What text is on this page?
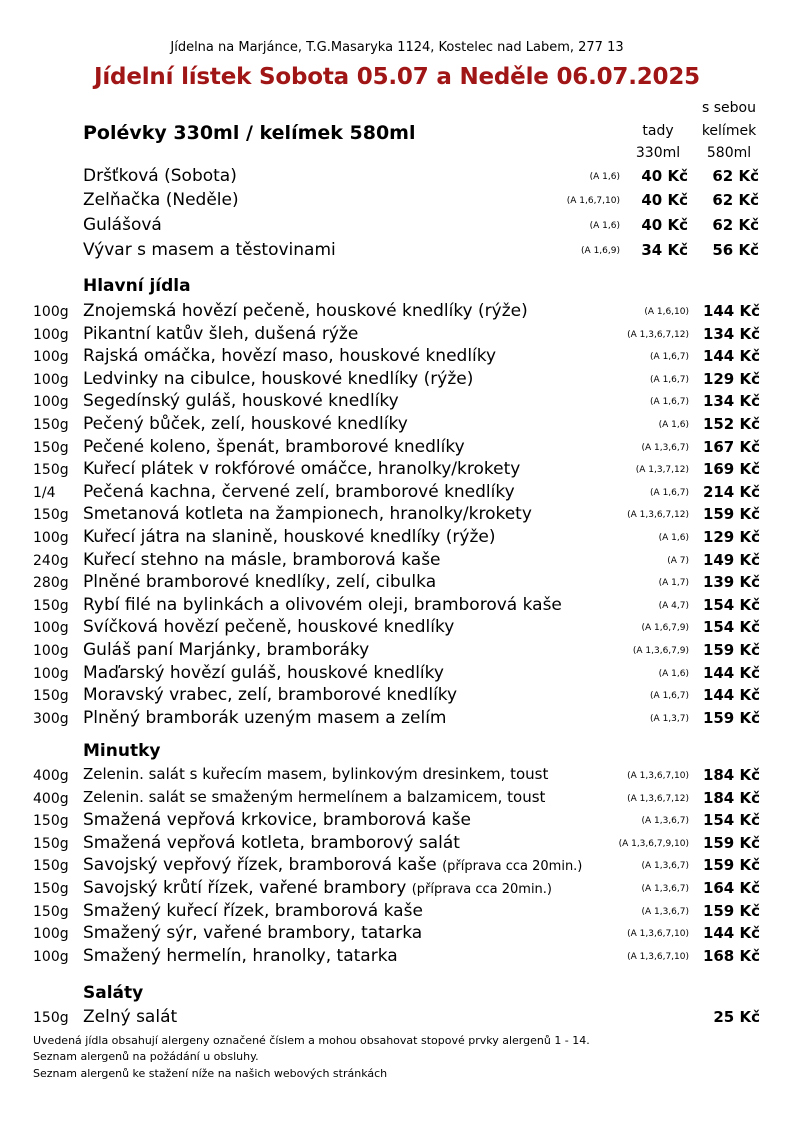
Jídelna na Marjánce, T.G.Masaryka 1124, Kostelec nad Labem, 277 13
Jídelní lístek Sobota 05.07 a Neděle 06.07.2025
s sebou
tady	kelímek
330ml	580ml
Polévky 330ml / kelímek 580ml
Dršťková (Sobota)	(A 1,6) 40 Kč 62 Kč
Zelňačka (Neděle)	(A 1,6,7,10) 40 Kč 62 Kč
Gulášová	(A 1,6) 40 Kč 62 Kč
Vývar s masem a těstovinami	(A 1,6,9) 34 Kč 56 Kč
Hlavní jídla
100g Znojemská hovězí pečeně, houskové knedlíky (rýže)	(A 1,6,10) 144 Kč
100g Pikantní katův šleh, dušená rýže	(A 1,3,6,7,12) 134 Kč
100g Rajská omáčka, hovězí maso, houskové knedlíky	(A 1,6,7) 144 Kč
100g Ledvinky na cibulce, houskové knedlíky (rýže)	(A 1,6,7) 129 Kč
100g Segedínský guláš, houskové knedlíky	(A 1,6,7) 134 Kč
150g Pečený bůček, zelí, houskové knedlíky	(A 1,6) 152 Kč
150g Pečené koleno, špenát, bramborové knedlíky	(A 1,3,6,7) 167 Kč
150g Kuřecí plátek v rokfórové omáčce, hranolky/krokety	(A 1,3,7,12) 169 Kč
1/4 Pečená kachna, červené zelí, bramborové knedlíky	(A 1,6,7) 214 Kč
150g Smetanová kotleta na žampionech, hranolky/krokety	(A 1,3,6,7,12) 159 Kč
100g Kuřecí játra na slanině, houskové knedlíky (rýže)	(A 1,6) 129 Kč
240g Kuřecí stehno na másle, bramborová kaše	(A 7) 149 Kč
280g Plněné bramborové knedlíky, zelí, cibulka	(A 1,7) 139 Kč
150g Rybí filé na bylinkách a olivovém oleji, bramborová kaše	(A 4,7) 154 Kč
100g Svíčková hovězí pečeně, houskové knedlíky	(A 1,6,7,9) 154 Kč
100g Guláš paní Marjánky, bramboráky	(A 1,3,6,7,9) 159 Kč
100g Maďarský hovězí guláš, houskové knedlíky	(A 1,6) 144 Kč
150g Moravský vrabec, zelí, bramborové knedlíky	(A 1,6,7) 144 Kč
300g Plněný bramborák uzeným masem a zelím	(A 1,3,7) 159 Kč
Minutky
400g Zelenin. salát s kuřecím masem, bylinkovým dresinkem, toust	(A 1,3,6,7,10) 184 Kč
400g Zelenin. salát se smaženým hermelínem a balzamicem, toust	(A 1,3,6,7,12) 184 Kč
150g Smažená vepřová krkovice, bramborová kaše	(A 1,3,6,7) 154 Kč
150g Smažená vepřová kotleta, bramborový salát	(A 1,3,6,7,9,10) 159 Kč
150g Savojský vepřový řízek, bramborová kaše (příprava cca 20min.)	(A 1,3,6,7) 159 Kč
150g Savojský krůtí řízek, vařené brambory (příprava cca 20min.)	(A 1,3,6,7) 164 Kč
150g Smažený kuřecí řízek, bramborová kaše	(A 1,3,6,7) 159 Kč
100g Smažený sýr, vařené brambory, tatarka	(A 1,3,6,7,10) 144 Kč
100g Smažený hermelín, hranolky, tatarka	(A 1,3,6,7,10) 168 Kč
Saláty
150g Zelný salát	25 Kč
Uvedená jídla obsahují alergeny označené číslem a mohou obsahovat stopové prvky alergenů 1 - 14.
Seznam alergenů na požádání u obsluhy.
Seznam alergenů ke stažení níže na našich webových stránkách
